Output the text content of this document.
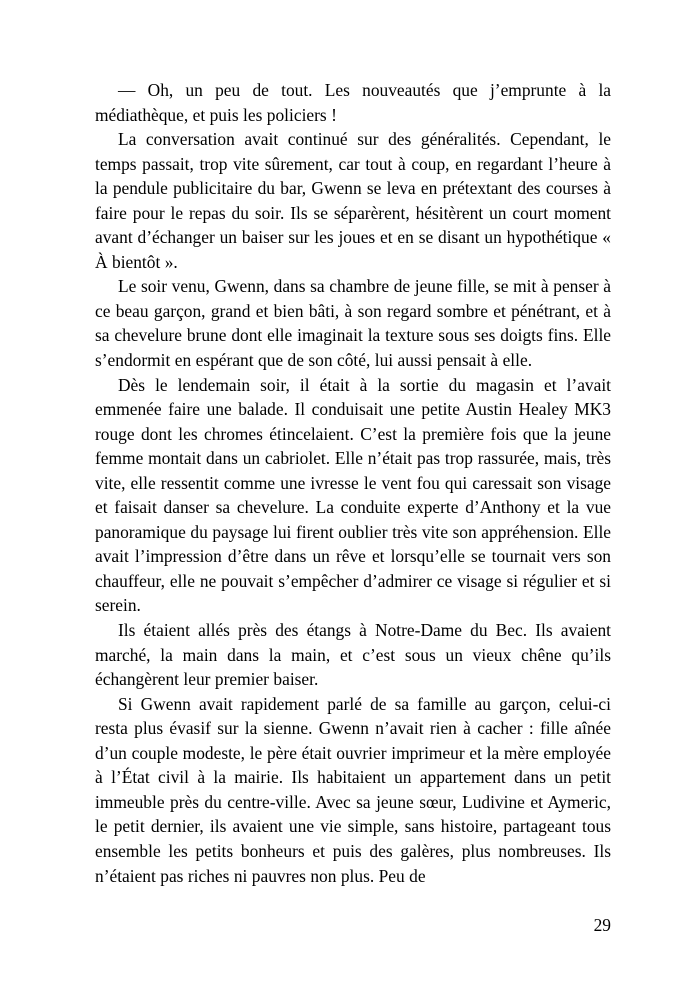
— Oh, un peu de tout. Les nouveautés que j’emprunte à la médiathèque, et puis les policiers !

La conversation avait continué sur des généralités. Cependant, le temps passait, trop vite sûrement, car tout à coup, en regardant l’heure à la pendule publicitaire du bar, Gwenn se leva en prétextant des courses à faire pour le repas du soir. Ils se séparèrent, hésitèrent un court moment avant d’échanger un baiser sur les joues et en se disant un hypothétique « À bientôt ».

Le soir venu, Gwenn, dans sa chambre de jeune fille, se mit à penser à ce beau garçon, grand et bien bâti, à son regard sombre et pénétrant, et à sa chevelure brune dont elle imaginait la texture sous ses doigts fins. Elle s’endormit en espérant que de son côté, lui aussi pensait à elle.

Dès le lendemain soir, il était à la sortie du magasin et l’avait emmenée faire une balade. Il conduisait une petite Austin Healey MK3 rouge dont les chromes étincelaient. C’est la première fois que la jeune femme montait dans un cabriolet. Elle n’était pas trop rassurée, mais, très vite, elle ressentit comme une ivresse le vent fou qui caressait son visage et faisait danser sa chevelure. La conduite experte d’Anthony et la vue panoramique du paysage lui firent oublier très vite son appréhension. Elle avait l’impression d’être dans un rêve et lorsqu’elle se tournait vers son chauffeur, elle ne pouvait s’empêcher d’admirer ce visage si régulier et si serein.

Ils étaient allés près des étangs à Notre-Dame du Bec. Ils avaient marché, la main dans la main, et c’est sous un vieux chêne qu’ils échangèrent leur premier baiser.

Si Gwenn avait rapidement parlé de sa famille au garçon, celui-ci resta plus évasif sur la sienne. Gwenn n’avait rien à cacher : fille aînée d’un couple modeste, le père était ouvrier imprimeur et la mère employée à l’État civil à la mairie. Ils habitaient un appartement dans un petit immeuble près du centre-ville. Avec sa jeune sœur, Ludivine et Aymeric, le petit dernier, ils avaient une vie simple, sans histoire, partageant tous ensemble les petits bonheurs et puis des galères, plus nombreuses. Ils n’étaient pas riches ni pauvres non plus. Peu de

29
